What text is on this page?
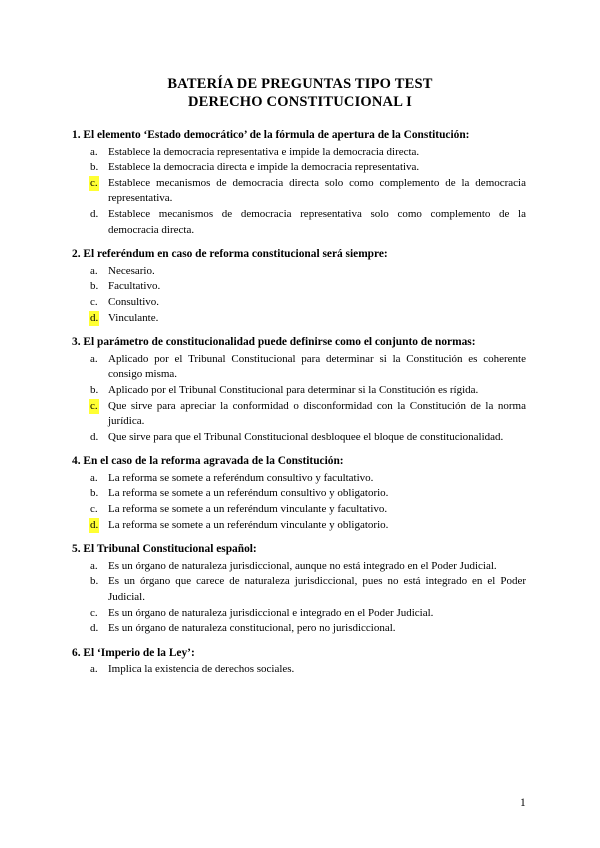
BATERÍA DE PREGUNTAS TIPO TEST
DERECHO CONSTITUCIONAL I
1. El elemento ‘Estado democrático’ de la fórmula de apertura de la Constitución:
a. Establece la democracia representativa e impide la democracia directa.
b. Establece la democracia directa e impide la democracia representativa.
c. Establece mecanismos de democracia directa solo como complemento de la democracia representativa.
d. Establece mecanismos de democracia representativa solo como complemento de la democracia directa.
2. El referéndum en caso de reforma constitucional será siempre:
a. Necesario.
b. Facultativo.
c. Consultivo.
d. Vinculante.
3. El parámetro de constitucionalidad puede definirse como el conjunto de normas:
a. Aplicado por el Tribunal Constitucional para determinar si la Constitución es coherente consigo misma.
b. Aplicado por el Tribunal Constitucional para determinar si la Constitución es rígida.
c. Que sirve para apreciar la conformidad o disconformidad con la Constitución de la norma jurídica.
d. Que sirve para que el Tribunal Constitucional desbloquee el bloque de constitucionalidad.
4. En el caso de la reforma agravada de la Constitución:
a. La reforma se somete a referéndum consultivo y facultativo.
b. La reforma se somete a un referéndum consultivo y obligatorio.
c. La reforma se somete a un referéndum vinculante y facultativo.
d. La reforma se somete a un referéndum vinculante y obligatorio.
5. El Tribunal Constitucional español:
a. Es un órgano de naturaleza jurisdiccional, aunque no está integrado en el Poder Judicial.
b. Es un órgano que carece de naturaleza jurisdiccional, pues no está integrado en el Poder Judicial.
c. Es un órgano de naturaleza jurisdiccional e integrado en el Poder Judicial.
d. Es un órgano de naturaleza constitucional, pero no jurisdiccional.
6. El ‘Imperio de la Ley’:
a. Implica la existencia de derechos sociales.
1
